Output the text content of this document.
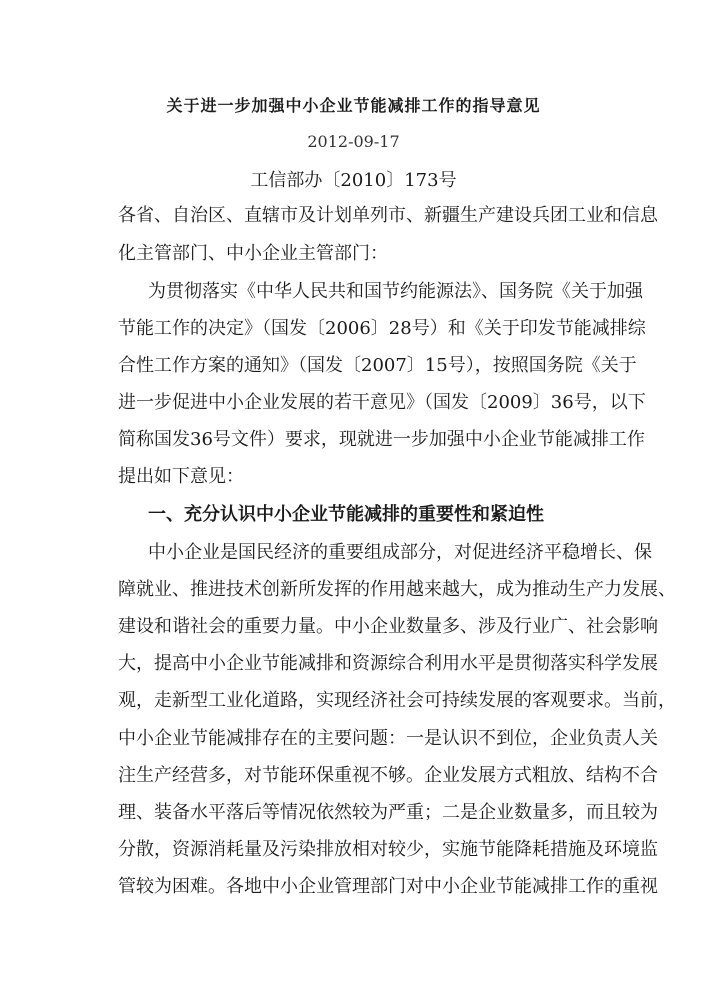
关于进一步加强中小企业节能减排工作的指导意见
2012-09-17
工信部办〔2010〕173号
各省、自治区、直辖市及计划单列市、新疆生产建设兵团工业和信息
化主管部门、中小企业主管部门：
为贯彻落实《中华人民共和国节约能源法》、国务院《关于加强
节能工作的决定》（国发〔2006〕28号）和《关于印发节能减排综
合性工作方案的通知》（国发〔2007〕15号），按照国务院《关于
进一步促进中小企业发展的若干意见》（国发〔2009〕36号，以下
简称国发36号文件）要求，现就进一步加强中小企业节能减排工作
提出如下意见：
一、充分认识中小企业节能减排的重要性和紧迫性
中小企业是国民经济的重要组成部分，对促进经济平稳增长、保
障就业、推进技术创新所发挥的作用越来越大，成为推动生产力发展、
建设和谐社会的重要力量。中小企业数量多、涉及行业广、社会影响
大，提高中小企业节能减排和资源综合利用水平是贯彻落实科学发展
观，走新型工业化道路，实现经济社会可持续发展的客观要求。当前，
中小企业节能减排存在的主要问题：一是认识不到位，企业负责人关
注生产经营多，对节能环保重视不够。企业发展方式粗放、结构不合
理、装备水平落后等情况依然较为严重；二是企业数量多，而且较为
分散，资源消耗量及污染排放相对较少，实施节能降耗措施及环境监
管较为困难。各地中小企业管理部门对中小企业节能减排工作的重视
